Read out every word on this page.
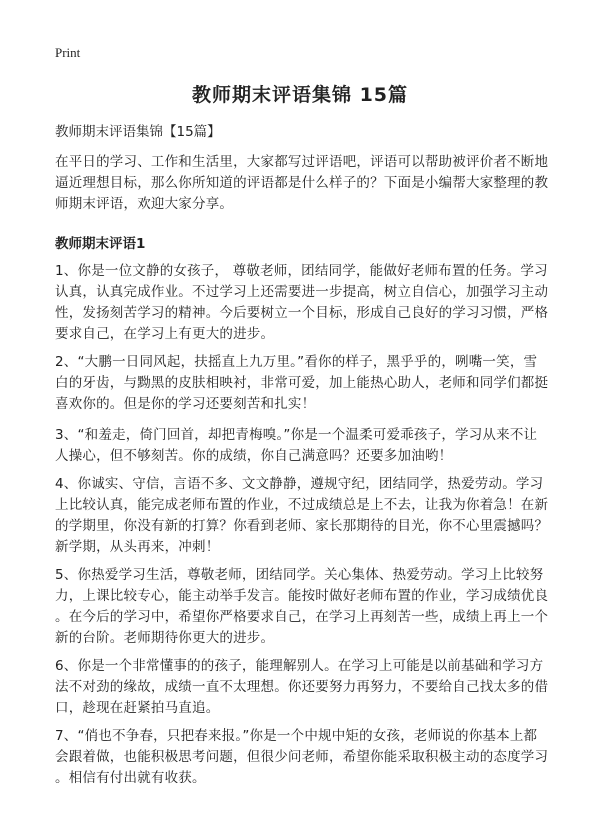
Print
教师期末评语集锦 15篇
教师期末评语集锦【15篇】
在平日的学习、工作和生活里，大家都写过评语吧，评语可以帮助被评价者不断地
逼近理想目标，那么你所知道的评语都是什么样子的？下面是小编帮大家整理的教
师期末评语，欢迎大家分享。
教师期末评语1
1、你是一位文静的女孩子， 尊敬老师，团结同学，能做好老师布置的任务。学习
认真，认真完成作业。不过学习上还需要进一步提高，树立自信心，加强学习主动
性，发扬刻苦学习的精神。今后要树立一个目标，形成自己良好的学习习惯，严格
要求自己，在学习上有更大的进步。
2、“大鹏一日同风起，扶摇直上九万里。”看你的样子，黑乎乎的，咧嘴一笑，雪
白的牙齿，与黝黑的皮肤相映衬，非常可爱，加上能热心助人，老师和同学们都挺
喜欢你的。但是你的学习还要刻苦和扎实！
3、“和羞走，倚门回首，却把青梅嗅。”你是一个温柔可爱乖孩子，学习从来不让
人操心，但不够刻苦。你的成绩，你自己满意吗？还要多加油哟！
4、你诚实、守信，言语不多、文文静静，遵规守纪，团结同学，热爱劳动。学习
上比较认真，能完成老师布置的作业，不过成绩总是上不去，让我为你着急！在新
的学期里，你没有新的打算？你看到老师、家长那期待的目光，你不心里震撼吗？
新学期，从头再来，冲刺！
5、你热爱学习生活，尊敬老师，团结同学。关心集体、热爱劳动。学习上比较努
力，上课比较专心，能主动举手发言。能按时做好老师布置的作业，学习成绩优良
。在今后的学习中，希望你严格要求自己，在学习上再刻苦一些，成绩上再上一个
新的台阶。老师期待你更大的进步。
6、你是一个非常懂事的的孩子，能理解别人。在学习上可能是以前基础和学习方
法不对劲的缘故，成绩一直不太理想。你还要努力再努力，不要给自己找太多的借
口，趁现在赶紧拍马直追。
7、“俏也不争春，只把春来报。”你是一个中规中矩的女孩，老师说的你基本上都
会跟着做，也能积极思考问题，但很少问老师，希望你能采取积极主动的态度学习
。相信有付出就有收获。
